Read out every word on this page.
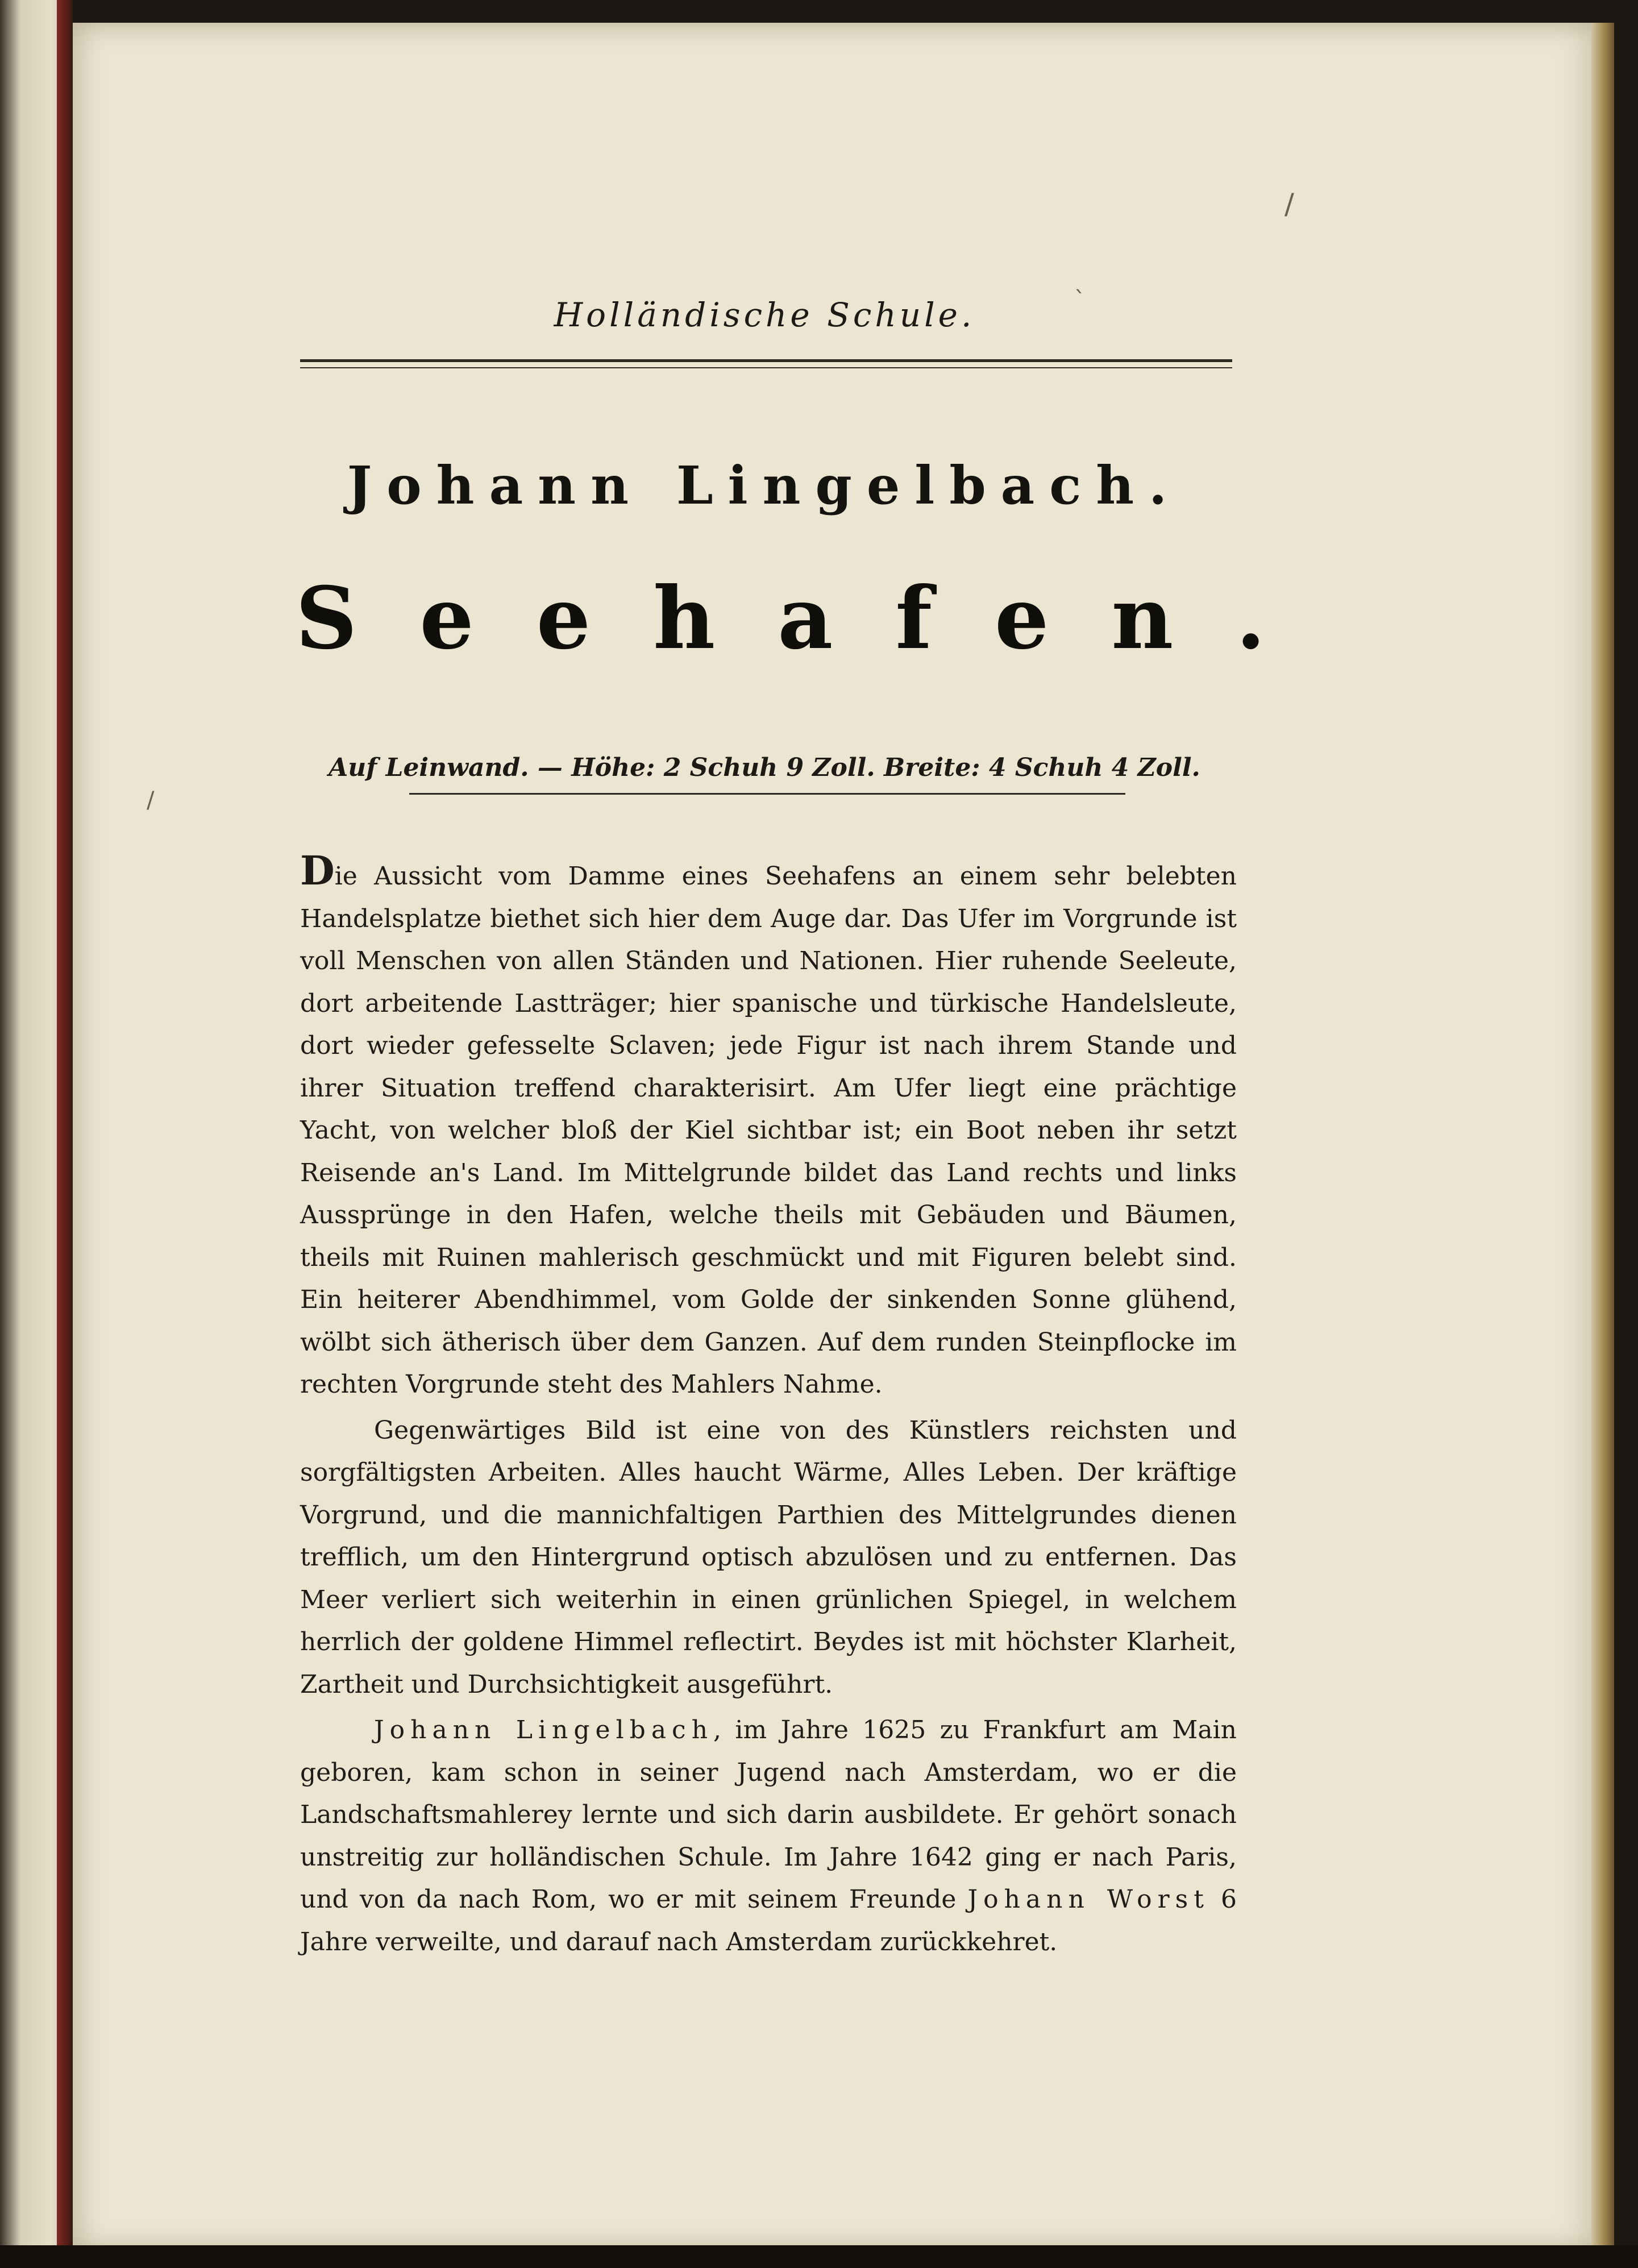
/
`
/
Holländische Schule.
Johann Lingelbach.
Seehafen.
Auf Leinwand. — Höhe: 2 Schuh 9 Zoll. Breite: 4 Schuh 4 Zoll.

Die Aussicht vom Damme eines Seehafens an einem sehr belebten Handelsplatze biethet sich hier dem Auge dar. Das Ufer im Vorgrunde ist voll Menschen von allen Ständen und Nationen. Hier ruhende Seeleute, dort arbeitende Lastträger; hier spanische und türkische Handelsleute, dort wieder gefesselte Sclaven; jede Figur ist nach ihrem Stande und ihrer Situation treffend charakterisirt. Am Ufer liegt eine prächtige Yacht, von welcher bloß der Kiel sichtbar ist; ein Boot neben ihr setzt Reisende an's Land. Im Mittelgrunde bildet das Land rechts und links Aussprünge in den Hafen, welche theils mit Gebäuden und Bäumen, theils mit Ruinen mahlerisch geschmückt und mit Figuren belebt sind. Ein heiterer Abendhimmel, vom Golde der sinkenden Sonne glühend, wölbt sich ätherisch über dem Ganzen. Auf dem runden Steinpflocke im rechten Vorgrunde steht des Mahlers Nahme.

Gegenwärtiges Bild ist eine von des Künstlers reichsten und sorgfältigsten Arbeiten. Alles haucht Wärme, Alles Leben. Der kräftige Vorgrund, und die mannichfaltigen Parthien des Mittelgrundes dienen trefflich, um den Hintergrund optisch abzulösen und zu entfernen. Das Meer verliert sich weiterhin in einen grünlichen Spiegel, in welchem herrlich der goldene Himmel reflectirt. Beydes ist mit höchster Klarheit, Zartheit und Durchsichtigkeit ausgeführt.

Johann Lingelbach, im Jahre 1625 zu Frankfurt am Main geboren, kam schon in seiner Jugend nach Amsterdam, wo er die Landschaftsmahlerey lernte und sich darin ausbildete. Er gehört sonach unstreitig zur holländischen Schule. Im Jahre 1642 ging er nach Paris, und von da nach Rom, wo er mit seinem Freunde Johann Worst 6 Jahre verweilte, und darauf nach Amsterdam zurückkehret.
